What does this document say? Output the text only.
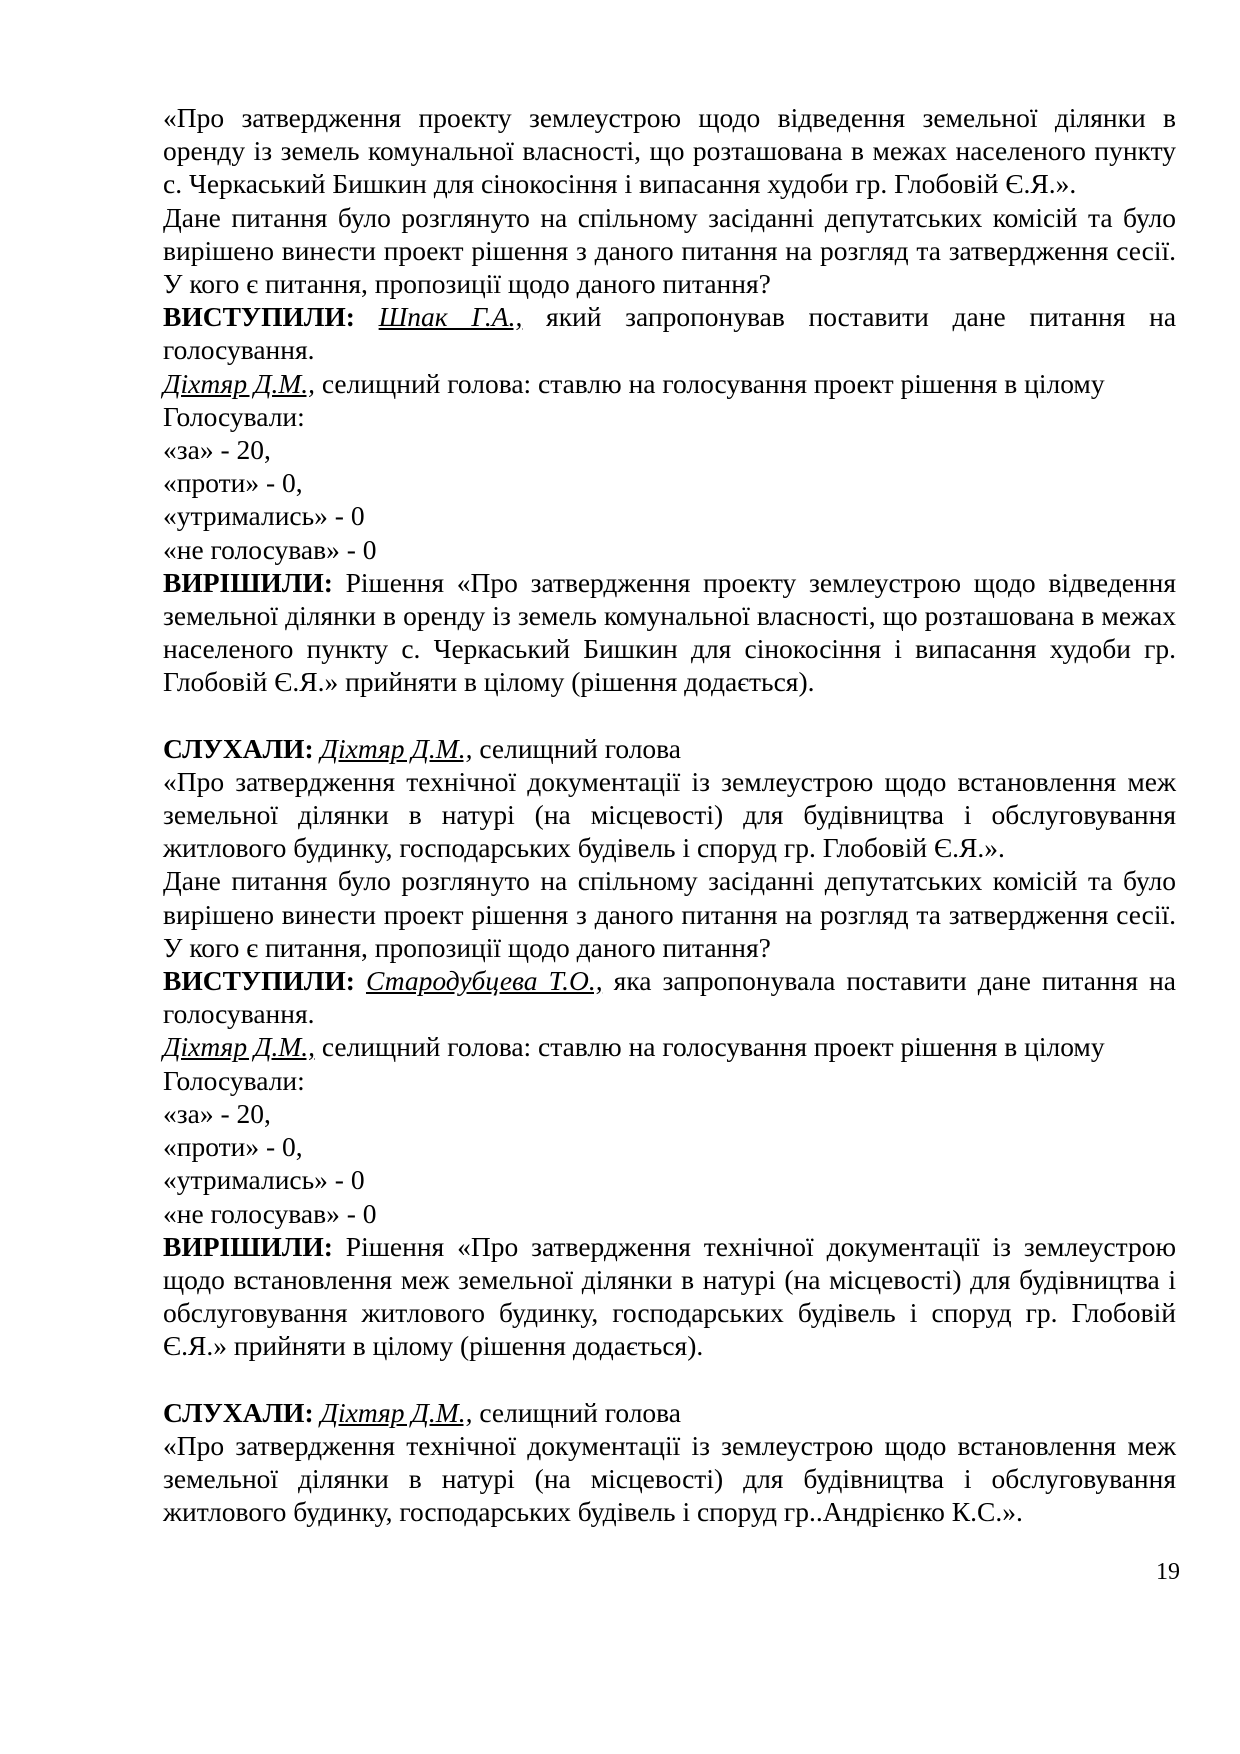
«Про затвердження проекту землеустрою щодо відведення земельної ділянки в оренду із земель комунальної власності, що розташована в межах населеного пункту с. Черкаський Бишкин для сінокосіння і випасання худоби гр. Глобовій Є.Я.».

Дане питання було розглянуто на спільному засіданні депутатських комісій та було вирішено винести проект рішення з даного питання на розгляд та затвердження сесії. У кого є питання, пропозиції щодо даного питання?

ВИСТУПИЛИ: Шпак Г.А., який запропонував поставити дане питання на голосування.

Діхтяр Д.М., селищний голова: ставлю на голосування проект рішення в цілому

Голосували:

«за» - 20,

«проти» - 0,

«утримались» - 0

«не голосував» - 0

ВИРІШИЛИ: Рішення «Про затвердження проекту землеустрою щодо відведення земельної ділянки в оренду із земель комунальної власності, що розташована в межах населеного пункту с. Черкаський Бишкин для сінокосіння і випасання худоби гр. Глобовій Є.Я.» прийняти в цілому (рішення додається).

СЛУХАЛИ: Діхтяр Д.М., селищний голова

«Про затвердження технічної документації із землеустрою щодо встановлення меж земельної ділянки в натурі (на місцевості) для будівництва і обслуговування житлового будинку, господарських будівель і споруд гр. Глобовій Є.Я.».

Дане питання було розглянуто на спільному засіданні депутатських комісій та було вирішено винести проект рішення з даного питання на розгляд та затвердження сесії. У кого є питання, пропозиції щодо даного питання?

ВИСТУПИЛИ: Стародубцева Т.О., яка запропонувала поставити дане питання на голосування.

Діхтяр Д.М., селищний голова: ставлю на голосування проект рішення в цілому

Голосували:

«за» - 20,

«проти» - 0,

«утримались» - 0

«не голосував» - 0

ВИРІШИЛИ: Рішення «Про затвердження технічної документації із землеустрою щодо встановлення меж земельної ділянки в натурі (на місцевості) для будівництва і обслуговування житлового будинку, господарських будівель і споруд гр. Глобовій Є.Я.» прийняти в цілому (рішення додається).

СЛУХАЛИ: Діхтяр Д.М., селищний голова

«Про затвердження технічної документації із землеустрою щодо встановлення меж земельної ділянки в натурі (на місцевості) для будівництва і обслуговування житлового будинку, господарських будівель і споруд гр..Андрієнко К.С.».

19
